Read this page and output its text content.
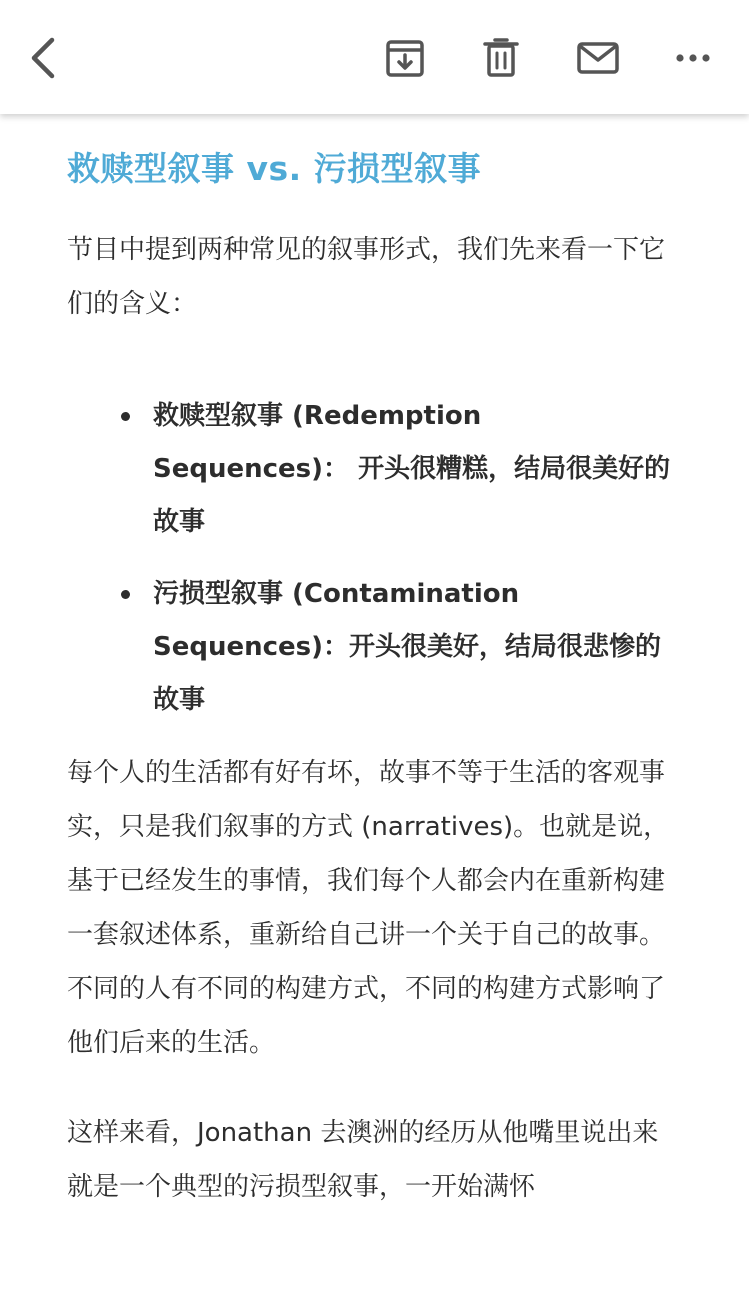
救赎型叙事 vs. 污损型叙事

节目中提到两种常见的叙事形式，我们先来看一下它们的含义：

救赎型叙事 (Redemption Sequences)： 开头很糟糕，结局很美好的故事
污损型叙事 (Contamination Sequences)：开头很美好，结局很悲惨的故事

每个人的生活都有好有坏，故事不等于生活的客观事实，只是我们叙事的方式 (narratives)。也就是说，基于已经发生的事情，我们每个人都会内在重新构建一套叙述体系，重新给自己讲一个关于自己的故事。不同的人有不同的构建方式，不同的构建方式影响了他们后来的生活。

这样来看，Jonathan 去澳洲的经历从他嘴里说出来就是一个典型的污损型叙事，一开始满怀
